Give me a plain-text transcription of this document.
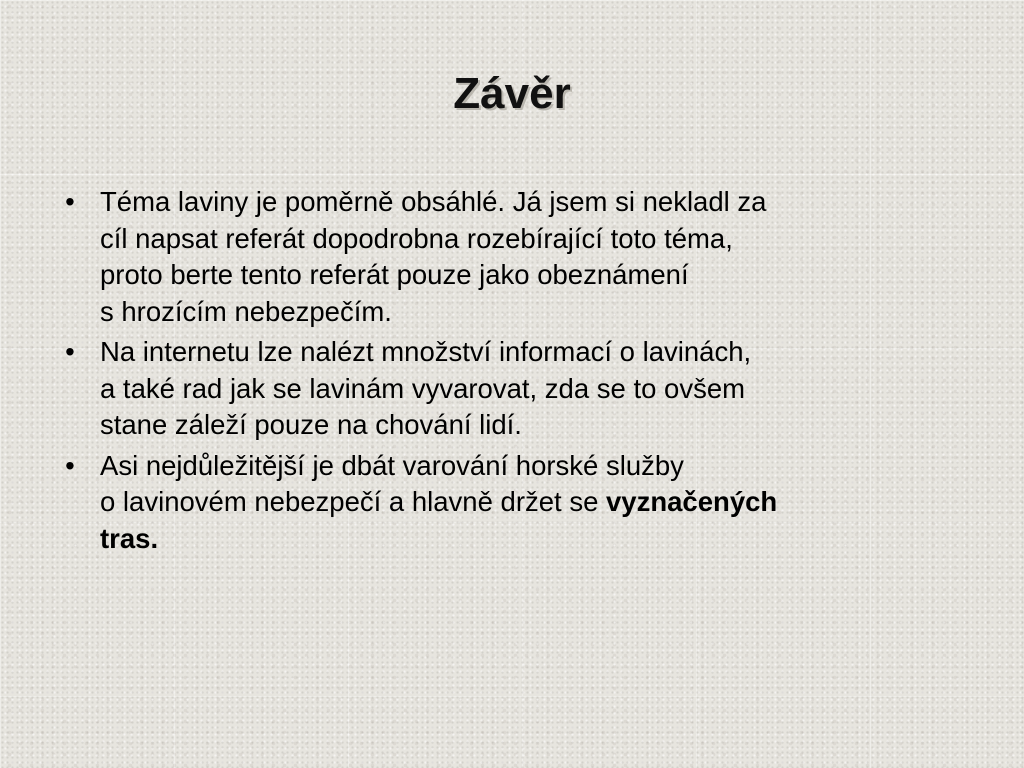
Závěr
• Téma laviny je poměrně obsáhlé. Já jsem si nekladl za
cíl napsat referát dopodrobna rozebírající toto téma,
proto berte tento referát pouze jako obeznámení
s hrozícím nebezpečím.
• Na internetu lze nalézt množství informací o lavinách,
a také rad jak se lavinám vyvarovat, zda se to ovšem
stane záleží pouze na chování lidí.
• Asi nejdůležitější je dbát varování horské služby
o lavinovém nebezpečí a hlavně držet se vyznačených
tras.
